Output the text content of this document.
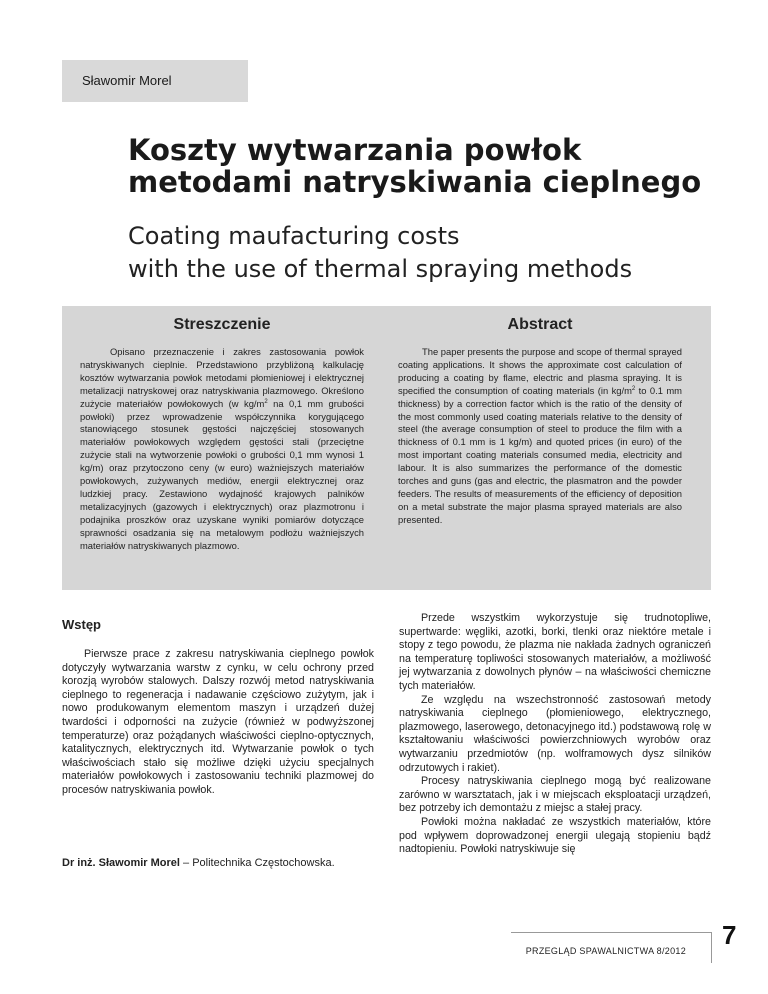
Sławomir Morel
Koszty wytwarzania powłok
metodami natryskiwania cieplnego
Coating maufacturing costs
with the use of thermal spraying methods
Streszczenie

Opisano przeznaczenie i zakres zastosowania powłok natryskiwanych cieplnie. Przedstawiono przybliżoną kalkulację kosztów wytwarzania powłok metodami płomieniowej i elektrycznej metalizacji natryskowej oraz natryskiwania plazmowego. Określono zużycie materiałów powłokowych (w $kg/m^2$ na 0,1 mm grubości powłoki) przez wprowadzenie współczynnika korygującego stanowiącego stosunek gęstości najczęściej stosowanych materiałów powłokowych względem gęstości stali (przeciętne zużycie stali na wytworzenie powłoki o grubości 0,1 mm wynosi 1 kg/m) oraz przytoczono ceny (w euro) ważniejszych materiałów powłokowych, zużywanych mediów, energii elektrycznej oraz ludzkiej pracy. Zestawiono wydajność krajowych palników metalizacyjnych (gazowych i elektrycznych) oraz plazmotronu i podajnika proszków oraz uzyskane wyniki pomiarów dotyczące sprawności osadzania się na metalowym podłożu ważniejszych materiałów natryskiwanych plazmowo.

Abstract

The paper presents the purpose and scope of thermal sprayed coating applications. It shows the approximate cost calculation of producing a coating by flame, electric and plasma spraying. It is specified the consumption of coating materials (in $kg/m^2$ to 0.1 mm thickness) by a correction factor which is the ratio of the density of the most commonly used coating materials relative to the density of steel (the average consumption of steel to produce the film with a thickness of 0.1 mm is 1 kg/m) and quoted prices (in euro) of the most important coating materials consumed media, electricity and labour. It is also summarizes the performance of the domestic torches and guns (gas and electric, the plasmatron and the powder feeders. The results of measurements of the efficiency of deposition on a metal substrate the major plasma sprayed materials are also presented.

Wstęp

Pierwsze prace z zakresu natryskiwania cieplnego powłok dotyczyły wytwarzania warstw z cynku, w celu ochrony przed korozją wyrobów stalowych. Dalszy rozwój metod natryskiwania cieplnego to regeneracja i nadawanie częściowo zużytym, jak i nowo produkowanym elementom maszyn i urządzeń dużej twardości i odporności na zużycie (również w podwyższonej temperaturze) oraz pożądanych właściwości cieplno-optycznych, katalitycznych, elektrycznych itd. Wytwarzanie powłok o tych właściwościach stało się możliwe dzięki użyciu specjalnych materiałów powłokowych i zastosowaniu techniki plazmowej do procesów natryskiwania powłok.

Dr inż. Sławomir Morel – Politechnika Częstochowska.

Przede wszystkim wykorzystuje się trudnotopliwe, supertwarde: węgliki, azotki, borki, tlenki oraz niektóre metale i stopy z tego powodu, że plazma nie nakłada żadnych ograniczeń na temperaturę topliwości stosowanych materiałów, a możliwość jej wytwarzania z dowolnych płynów – na właściwości chemiczne tych materiałów.

Ze względu na wszechstronność zastosowań metody natryskiwania cieplnego (płomieniowego, elektrycznego, plazmowego, laserowego, detonacyjnego itd.) podstawową rolę w kształtowaniu właściwości powierzchniowych wyrobów oraz wytwarzaniu przedmiotów (np. wolframowych dysz silników odrzutowych i rakiet).

Procesy natryskiwania cieplnego mogą być realizowane zarówno w warsztatach, jak i w miejscach eksploatacji urządzeń, bez potrzeby ich demontażu z miejsc a stałej pracy.

Powłoki można nakładać ze wszystkich materiałów, które pod wpływem doprowadzonej energii ulegają stopieniu bądź nadtopieniu. Powłoki natryskiwuje się

PRZEGLĄD SPAWALNICTWA 8/2012
7
